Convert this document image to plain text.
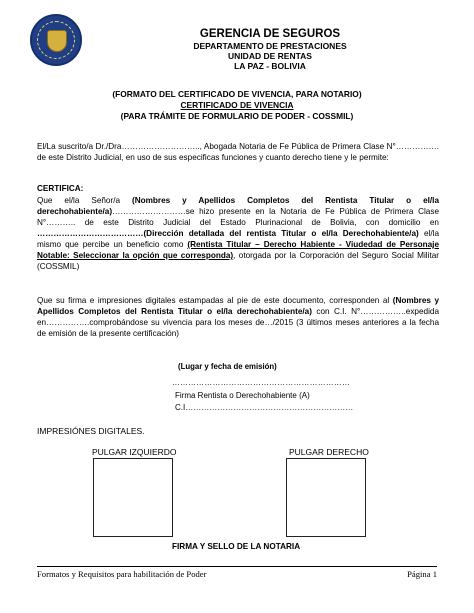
GERENCIA DE SEGUROS
DEPARTAMENTO DE PRESTACIONES
UNIDAD DE RENTAS
LA PAZ - BOLIVIA
(FORMATO DEL CERTIFICADO DE VIVENCIA, PARA NOTARIO)
CERTIFICADO DE VIVENCIA
(PARA TRÁMITE DE FORMULARIO DE PODER - COSSMIL)
El/La suscrito/a Dr./Dra……………………….., Abogada Notaria de Fe Pública de Primera Clase N°……………. de este Distrito Judicial, en uso de sus especificas funciones y cuanto derecho tiene y le permite:
CERTIFICA:
Que el/la Señor/a (Nombres y Apellidos Completos del Rentista Titular o el/la derechohabiente/a)………………………se hizo presente en la Notaria de Fe Pública de Primera Clase N°……….. de este Distrito Judicial del Estado Plurinacional de Bolivia, con domicilio en …………………………………(Dirección detallada del rentista Titular o el/la Derechohabiente/a) el/la mismo que percibe un beneficio como (Rentista Titular – Derecho Habiente - Viudedad de Personaje Notable: Seleccionar la opción que corresponda), otorgada por la Corporación del Seguro Social Militar (COSSMIL)
Que su firma e impresiones digitales estampadas al pie de este documento, corresponden al (Nombres y Apellidos Completos del Rentista Titular o el/la derechohabiente/a) con C.I. N°……………..expedida en…………….comprobándose su vivencia para los meses de…/2015 (3 últimos meses anteriores a la fecha de emisión de la presente certificación)
(Lugar y fecha de emisión)
…………………………………………………………
Firma Rentista o Derechohabiente (A)
C.I………………………………………………………
IMPRESIÓNES DIGITALES.
PULGAR IZQUIERDO	PULGAR DERECHO
FIRMA Y SELLO DE LA NOTARIA
Formatos y Requisitos para habilitación de Poder	Página 1
